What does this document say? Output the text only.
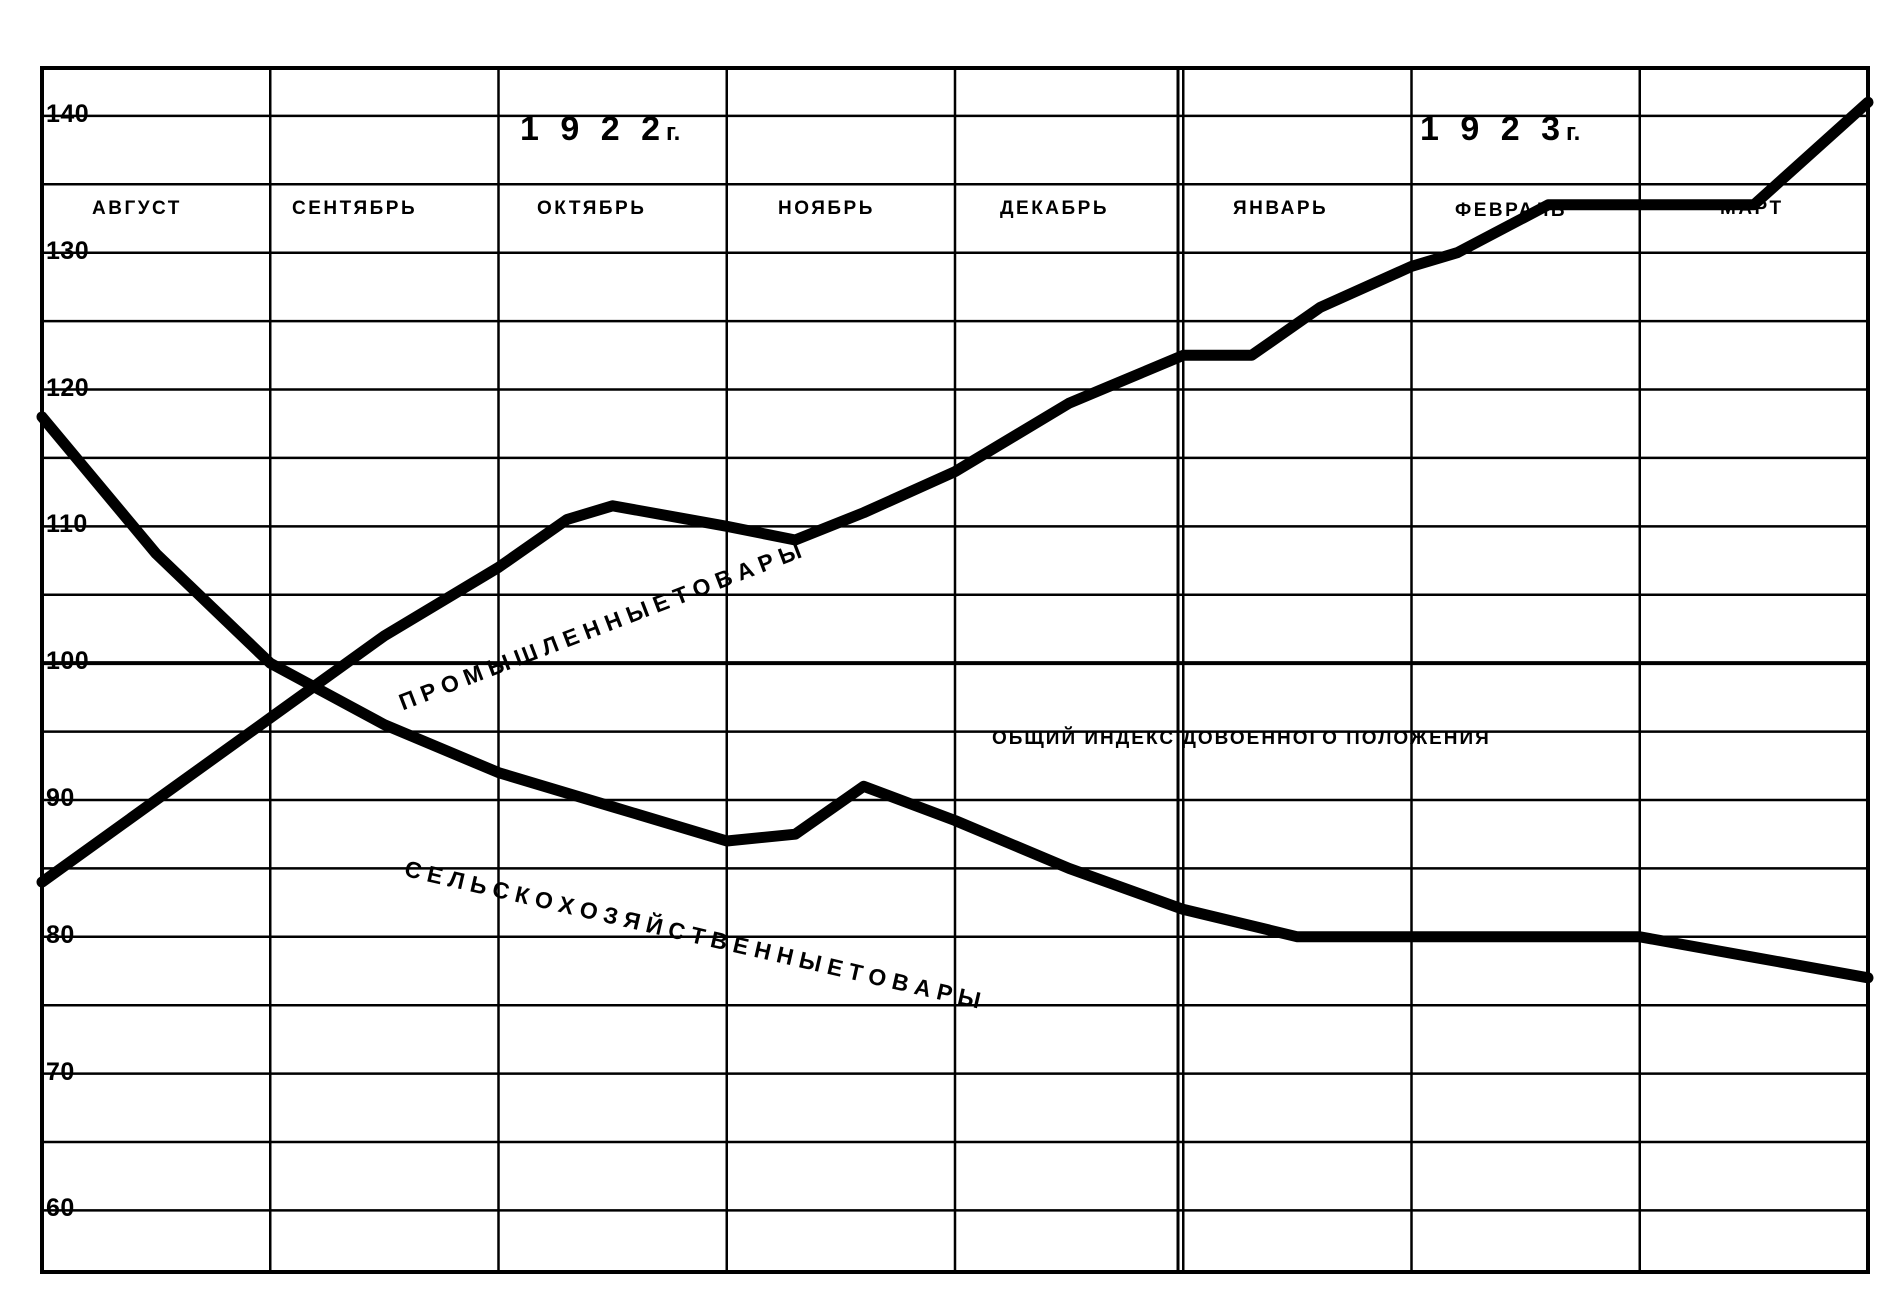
1 9 2 2г.	1 9 2 3г.
АВГУСТ	СЕНТЯБРЬ	ОКТЯБРЬ	НОЯБРЬ	ДЕКАБРЬ	ЯНВАРЬ	ФЕВРАЛЬ	МАРТ
60
70
80
90
100
110
120
130
140
ОБЩИЙ ИНДЕКС ДОВОЕННОГО ПОЛОЖЕНИЯ
П Р О М Ы Ш Л Е Н Н Ы Е Т О В А Р Ы
С Е Л Ь С К О Х О З Я Й С Т В Е Н Н Ы Е Т О В А Р Ы
